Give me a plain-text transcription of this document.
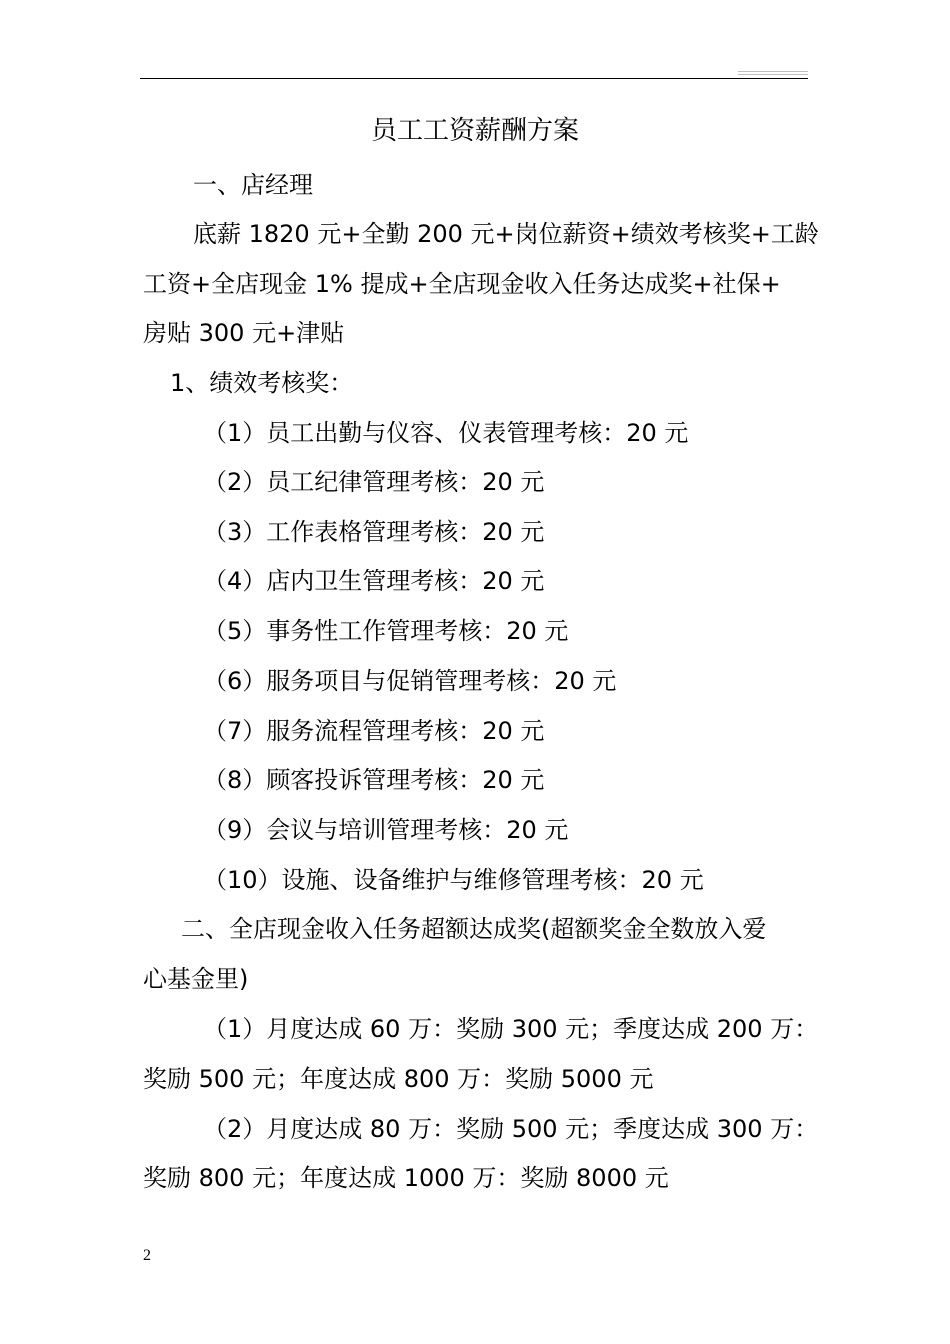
员工工资薪酬方案
一、店经理
底薪 1820 元+全勤 200 元+岗位薪资+绩效考核奖+工龄
工资+全店现金 1% 提成+全店现金收入任务达成奖+社保+
房贴 300 元+津贴
1、绩效考核奖：
（1）员工出勤与仪容、仪表管理考核：20 元
（2）员工纪律管理考核：20 元
（3）工作表格管理考核：20 元
（4）店内卫生管理考核：20 元
（5）事务性工作管理考核：20 元
（6）服务项目与促销管理考核：20 元
（7）服务流程管理考核：20 元
（8）顾客投诉管理考核：20 元
（9）会议与培训管理考核：20 元
（10）设施、设备维护与维修管理考核：20 元
二、全店现金收入任务超额达成奖(超额奖金全数放入爱
心基金里)
（1）月度达成 60 万：奖励 300 元；季度达成 200 万：
奖励 500 元；年度达成 800 万：奖励 5000 元
（2）月度达成 80 万：奖励 500 元；季度达成 300 万：
奖励 800 元；年度达成 1000 万：奖励 8000 元
2
